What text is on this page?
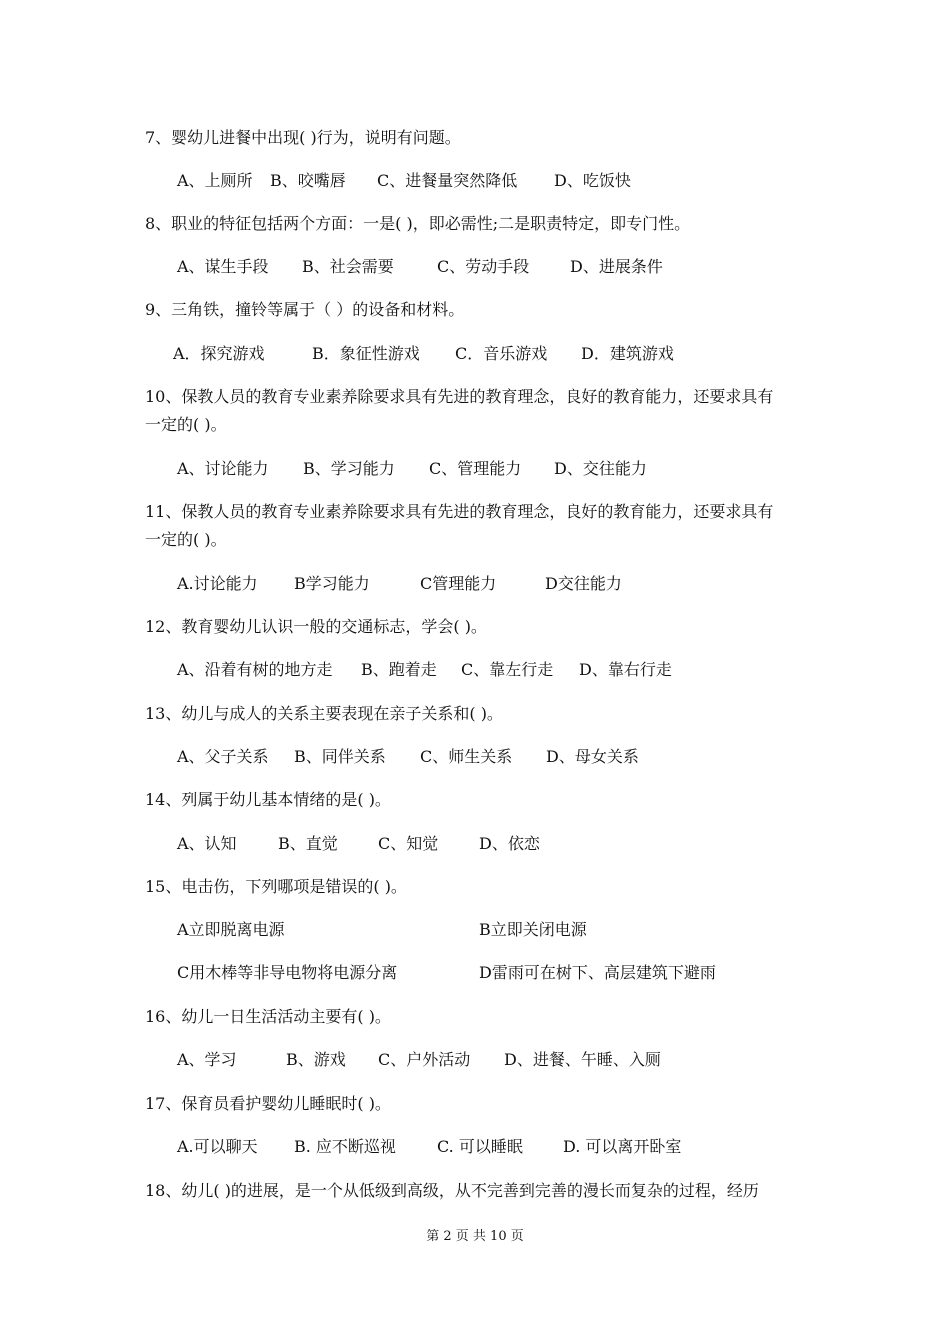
7、婴幼儿进餐中出现( )行为，说明有问题。
A、上厕所 B、咬嘴唇 C、进餐量突然降低 D、吃饭快
8、职业的特征包括两个方面：一是( )，即必需性;二是职责特定，即专门性。
A、谋生手段 B、社会需要	C、劳动手段	D、进展条件
9、三角铁，撞铃等属于（ ）的设备和材料。
A．探究游戏	B．象征性游戏 C．音乐游戏 D．建筑游戏
10、保教人员的教育专业素养除要求具有先进的教育理念，良好的教育能力，还要求具有
一定的( )。
A、讨论能力 B、学习能力 C、管理能力 D、交往能力
11、保教人员的教育专业素养除要求具有先进的教育理念，良好的教育能力，还要求具有
一定的( )。
A.讨论能力 B学习能力	C管理能力	D交往能力
12、教育婴幼儿认识一般的交通标志，学会( )。
A、沿着有树的地方走 B、跑着走 C、靠左行走 D、靠右行走
13、幼儿与成人的关系主要表现在亲子关系和( )。
A、父子关系 B、同伴关系 C、师生关系 D、母女关系
14、列属于幼儿基本情绪的是( )。
A、认知	B、直觉	C、知觉	D、依恋
15、电击伤，下列哪项是错误的( )。
A立即脱离电源	B立即关闭电源
C用木棒等非导电物将电源分离	D雷雨可在树下、高层建筑下避雨
16、幼儿一日生活活动主要有( )。
A、学习	B、游戏 C、户外活动 D、进餐、午睡、入厕
17、保育员看护婴幼儿睡眠时( )。
A.可以聊天 B. 应不断巡视	C. 可以睡眠	D. 可以离开卧室
18、幼儿( )的进展，是一个从低级到高级，从不完善到完善的漫长而复杂的过程，经历
第 2 页 共 10 页
